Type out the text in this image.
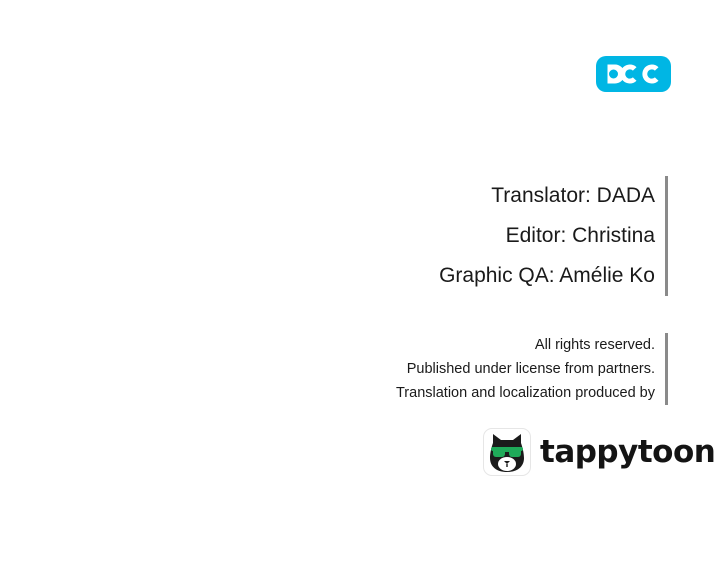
Translator: DADA
Editor: Christina
Graphic QA: Amélie Ko
All rights reserved.
Published under license from partners.
Translation and localization produced by
tappytoon
